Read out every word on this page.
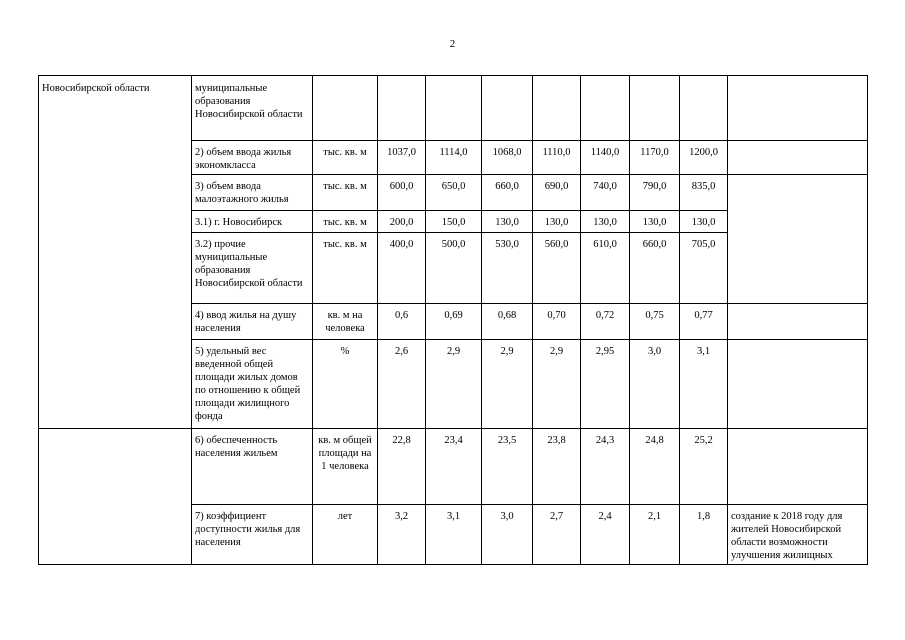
2
Новосибирской области	муниципальные образования Новосибирской области									
	2) объем ввода жилья экономкласса	тыс. кв. м	1037,0	1114,0	1068,0	1110,0	1140,0	1170,0	1200,0	
	3) объем ввода малоэтажного жилья	тыс. кв. м	600,0	650,0	660,0	690,0	740,0	790,0	835,0	
	3.1) г. Новосибирск	тыс. кв. м	200,0	150,0	130,0	130,0	130,0	130,0	130,0	
	3.2) прочие муниципальные образования Новосибирской области	тыс. кв. м	400,0	500,0	530,0	560,0	610,0	660,0	705,0	
	4) ввод жилья на душу населения	кв. м на человека	0,6	0,69	0,68	0,70	0,72	0,75	0,77	
	5) удельный вес введенной общей площади жилых домов по отношению к общей площади жилищного фонда	%	2,6	2,9	2,9	2,9	2,95	3,0	3,1	
	6) обеспеченность населения жильем	кв. м общей площади на 1 человека	22,8	23,4	23,5	23,8	24,3	24,8	25,2	
	7) коэффициент доступности жилья для населения	лет	3,2	3,1	3,0	2,7	2,4	2,1	1,8	создание к 2018 году для жителей Новосибирской области возможности улучшения жилищных
